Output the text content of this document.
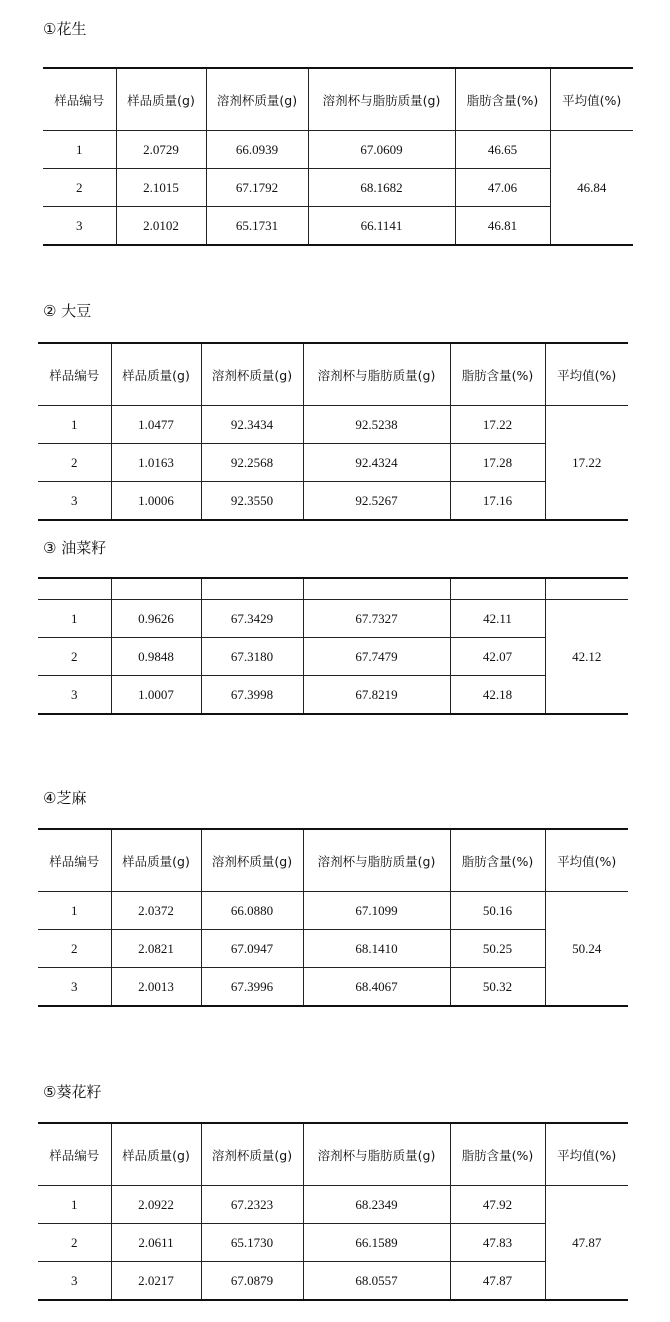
①花生
样品编号	样品质量(g)	溶剂杯质量(g)	溶剂杯与脂肪质量(g)	脂肪含量(%)	平均值(%)
1	2.0729	66.0939	67.0609	46.65	46.84
2	2.1015	67.1792	68.1682	47.06	
3	2.0102	65.1731	66.1141	46.81	
② 大豆
样品编号	样品质量(g)	溶剂杯质量(g)	溶剂杯与脂肪质量(g)	脂肪含量(%)	平均值(%)
1	1.0477	92.3434	92.5238	17.22	17.22
2	1.0163	92.2568	92.4324	17.28	
3	1.0006	92.3550	92.5267	17.16	
③ 油菜籽

1	0.9626	67.3429	67.7327	42.11	42.12
2	0.9848	67.3180	67.7479	42.07	
3	1.0007	67.3998	67.8219	42.18	
④芝麻
样品编号	样品质量(g)	溶剂杯质量(g)	溶剂杯与脂肪质量(g)	脂肪含量(%)	平均值(%)
1	2.0372	66.0880	67.1099	50.16	50.24
2	2.0821	67.0947	68.1410	50.25	
3	2.0013	67.3996	68.4067	50.32	
⑤葵花籽
样品编号	样品质量(g)	溶剂杯质量(g)	溶剂杯与脂肪质量(g)	脂肪含量(%)	平均值(%)
1	2.0922	67.2323	68.2349	47.92	47.87
2	2.0611	65.1730	66.1589	47.83	
3	2.0217	67.0879	68.0557	47.87	
